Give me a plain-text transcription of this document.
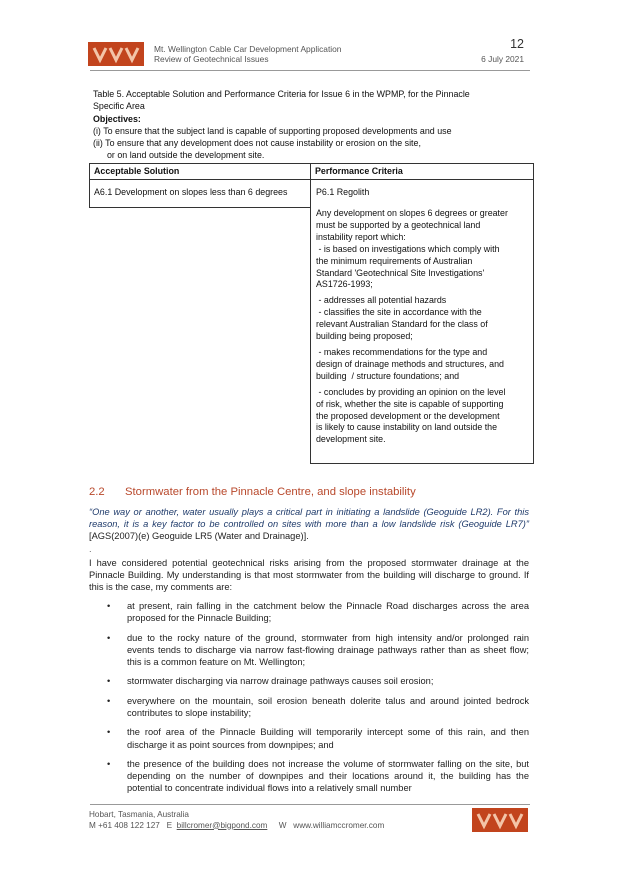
Mt. Wellington Cable Car Development Application
Review of Geotechnical Issues
12
6 July 2021

Table 5. Acceptable Solution and Performance Criteria for Issue 6 in the WPMP, for the Pinnacle

Specific Area

Objectives:

(i) To ensure that the subject land is capable of supporting proposed developments and use

(ii) To ensure that any development does not cause instability or erosion on the site,

or on land outside the development site.

Acceptable Solution	Performance Criteria
A6.1 Development on slopes less than 6 degrees	P6.1 Regolith

Any development on slopes 6 degrees or greater

must be supported by a geotechnical land

instability report which:

- is based on investigations which comply with

the minimum requirements of Australian

Standard 'Geotechnical Site Investigations'

AS1726-1993;

- addresses all potential hazards

- classifies the site in accordance with the

relevant Australian Standard for the class of

building being proposed;

- makes recommendations for the type and

design of drainage methods and structures, and

building  / structure foundations; and

- concludes by providing an opinion on the level

of risk, whether the site is capable of supporting

the proposed development or the development

is likely to cause instability on land outside the

development site.

2.2 Stormwater from the Pinnacle Centre, and slope instability
“One way or another, water usually plays a critical part in initiating a landslide (Geoguide LR2). For this reason, it is a key factor to be controlled on sites with more than a low landslide risk (Geoguide LR7)” [AGS(2007)(e) Geoguide LR5 (Water and Drainage)].
.
I have considered potential geotechnical risks arising from the proposed stormwater drainage at the Pinnacle Building. My understanding is that most stormwater from the building will discharge to ground. If this is the case, my comments are:
• at present, rain falling in the catchment below the Pinnacle Road discharges across the area proposed for the Pinnacle Building;
• due to the rocky nature of the ground, stormwater from high intensity and/or prolonged rain events tends to discharge via narrow fast-flowing drainage pathways rather than as sheet flow; this is a common feature on Mt. Wellington;
• stormwater discharging via narrow drainage pathways causes soil erosion;
• everywhere on the mountain, soil erosion beneath dolerite talus and around jointed bedrock contributes to slope instability;
• the roof area of the Pinnacle Building will temporarily intercept some of this rain, and then discharge it as point sources from downpipes; and
• the presence of the building does not increase the volume of stormwater falling on the site, but depending on the number of downpipes and their locations around it, the building has the potential to concentrate individual flows into a relatively small number
Hobart, Tasmania, Australia
M +61 408 122 127 E billcromer@bigpond.com W www.williamccromer.com
